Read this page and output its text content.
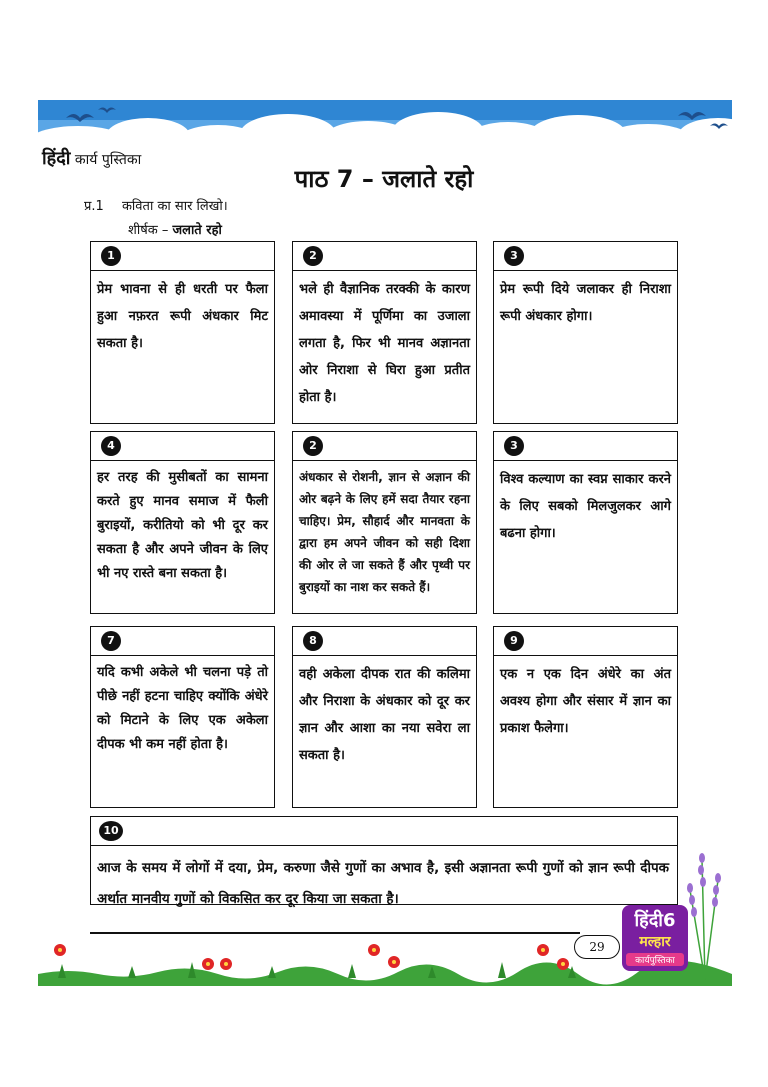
हिंदी कार्य पुस्तिका
पाठ 7 – जलाते रहो
प्र.1 कविता का सार लिखो।
शीर्षक – जलाते रहो
1
प्रेम भावना से ही धरती पर फैला हुआ नफ़रत रूपी अंधकार मिट सकता है।
2
भले ही वैज्ञानिक तरक्की के कारण अमावस्या में पूर्णिमा का उजाला लगता है, फिर भी मानव अज्ञानता ओर निराशा से घिरा हुआ प्रतीत होता है।
3
प्रेम रूपी दिये जलाकर ही निराशा रूपी अंधकार होगा।
4
हर तरह की मुसीबतों का सामना करते हुए मानव समाज में फैली बुराइयों, करीतियो को भी दूर कर सकता है और अपने जीवन के लिए भी नए रास्ते बना सकता है।
2
अंधकार से रोशनी, ज्ञान से अज्ञान की ओर बढ़ने के लिए हमें सदा तैयार रहना चाहिए। प्रेम, सौहार्द और मानवता के द्वारा हम अपने जीवन को सही दिशा की ओर ले जा सकते हैं और पृथ्वी पर बुराइयों का नाश कर सकते हैं।
3
विश्व कल्याण का स्वप्न साकार करने के लिए सबको मिलजुलकर आगे बढना होगा।
7
यदि कभी अकेले भी चलना पड़े तो पीछे नहीं हटना चाहिए क्योंकि अंधेरे को मिटाने के लिए एक अकेला दीपक भी कम नहीं होता है।
8
वही अकेला दीपक रात की कलिमा और निराशा के अंधकार को दूर कर ज्ञान और आशा का नया सवेरा ला सकता है।
9
एक न एक दिन अंधेरे का अंत अवश्य होगा और संसार में ज्ञान का प्रकाश फैलेगा।
10
आज के समय में लोगों में दया, प्रेम, करुणा जैसे गुणों का अभाव है, इसी अज्ञानता रूपी गुणों को ज्ञान रूपी दीपक अर्थात मानवीय गुणों को विकसित कर दूर किया जा सकता है।
29
हिंदी6
मल्हार
कार्यपुस्तिका
